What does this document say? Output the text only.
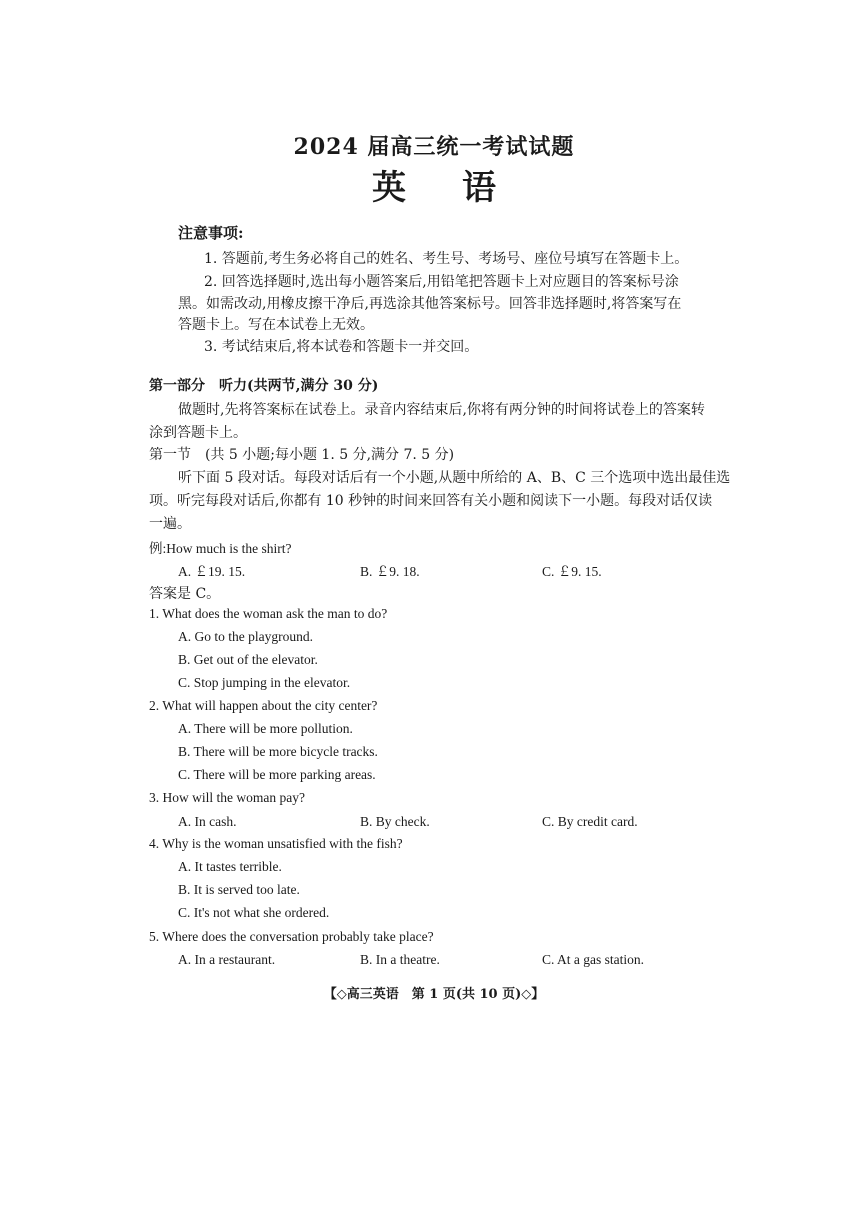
2024 届高三统一考试试题
英语
注意事项:
1. 答题前,考生务必将自己的姓名、考生号、考场号、座位号填写在答题卡上。
2. 回答选择题时,选出每小题答案后,用铅笔把答题卡上对应题目的答案标号涂
黑。如需改动,用橡皮擦干净后,再选涂其他答案标号。回答非选择题时,将答案写在
答题卡上。写在本试卷上无效。
3. 考试结束后,将本试卷和答题卡一并交回。
第一部分　听力(共两节,满分 30 分)
做题时,先将答案标在试卷上。录音内容结束后,你将有两分钟的时间将试卷上的答案转
涂到答题卡上。
第一节　(共 5 小题;每小题 1. 5 分,满分 7. 5 分)
听下面 5 段对话。每段对话后有一个小题,从题中所给的 A、B、C 三个选项中选出最佳选
项。听完每段对话后,你都有 10 秒钟的时间来回答有关小题和阅读下一小题。每段对话仅读
一遍。
例:How much is the shirt?
A. ￡19. 15.	B. ￡9. 18.	C. ￡9. 15.
答案是 C。
1. What does the woman ask the man to do?
A. Go to the playground.
B. Get out of the elevator.
C. Stop jumping in the elevator.
2. What will happen about the city center?
A. There will be more pollution.
B. There will be more bicycle tracks.
C. There will be more parking areas.
3. How will the woman pay?
A. In cash.	B. By check.	C. By credit card.
4. Why is the woman unsatisfied with the fish?
A. It tastes terrible.
B. It is served too late.
C. It's not what she ordered.
5. Where does the conversation probably take place?
A. In a restaurant.	B. In a theatre.	C. At a gas station.
【◇高三英语　第 1 页(共 10 页)◇】
